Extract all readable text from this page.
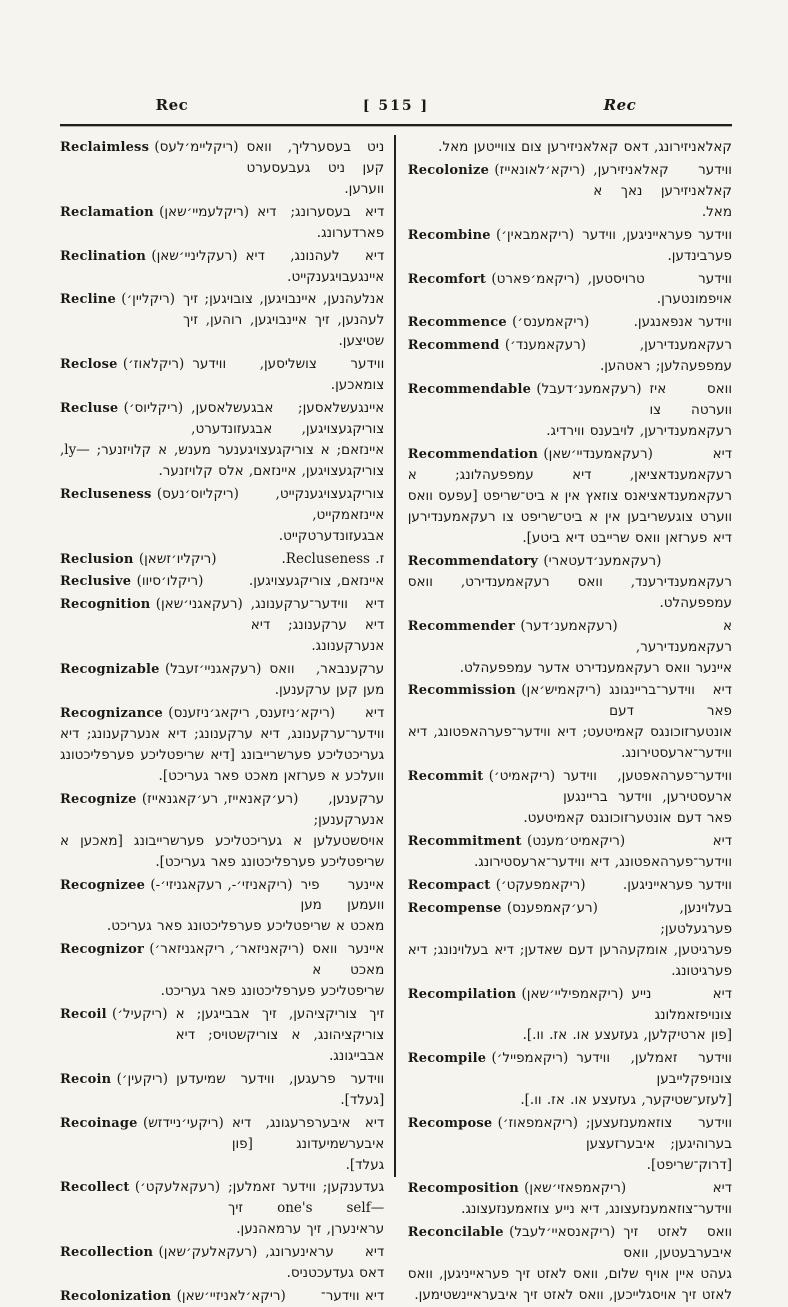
Rec	[ 515 ]	Rec
Reclaimless (ריקליימ׳לעס) ניט בעסערליך, וואס קען ניט געבעסערט ווערען.
Reclamation (ריקלעמיי׳שאן) דיא בעסערונג; דיא פארדערונג.
Reclination (רעקליניי׳שאן) דיא לעהנונג, דיא איינגעבויגענקייט.
Recline (ריקליין׳) אנלעהנען, איינבויגען, צובויגען; זיך לעהנען, זיך איינבויגען, רוהען, זיך שטיצען.
Reclose (ריקלאוז׳) ווידער צושליסען, ווידער צומאכען.
Recluse (ריקליוס׳) איינגעשלאסען; אבגעשלאסען, צוריקגעצויגען, אבגעזונדערט, איינזאם; א צוריקגעצויגענער מענש, א קלויזנער; —ly, צוריקגעצויגען, איינזאם, אלס קלויזנער.
Recluseness (ריקליוס׳נעס)	צוריקגעצויגענקייט, איינזאמקייט, אבגעזונדערטקייט.
Reclusion (ריקליו׳זשאן)	ז. Recluseness.
Reclusive (ריקלו׳סיוו)	איינזאם, צוריקגעצויגען.
Recognition (רעקאגני׳שאן) דיא ווידער־ערקענונג, דיא ערקענונג; דיא אנערקענונג.
Recognizable (רעקאגניי׳זעבל) ערקענבאר, וואס מען קען ערקענען.
Recognizance (ריקא׳ניזענס, ריקאג׳ניזענס) דיא ווידער־ערקענונג, דיא ערקענונג; דיא אנערקענונג; דיא געריכטליכע פערשרייבונג [דיא שריפטליכע פערפליכטונג וועלכע א פערזאן מאכט פאר געריכט].
Recognize (רע׳קאנאייז, רע׳קאגנאייז) ערקענען, אנערקענען; אויסשטעלען א געריכטליכע פערשרייבונג [מאכען א שריפטליכע פערפליכטונג פאר געריכט].
Recognizee (ריקאניזי׳-, רעקאגניזי׳-) איינער פיר וועמען מען מאכט א שריפטליכע פערפליכטונג פאר געריכט.
Recognizor (ריקאניזאר׳, ריקאגניזאר׳) איינער וואס מאכט א שריפטליכע פערפליכטונג פאר געריכט.
Recoil (ריקעיל׳) זיך צוריקציהען, זיך אבבייגען; א צוריקציהונג, א צוריקשטויס; דיא אבבייגונג.
Recoin (ריקעין׳) ווידער פרעגען, ווידער שמיעדען [געלד].
Recoinage (ריקעי׳ניידזש) דיא איבערפרעגונג, דיא איבערשמיעדונג [פון געלד].
Recollect (רעקאלעקט׳) געדענקען; ווידער זאמלען; —one's self זיך עראינערן, זיך ערמאהנען.
Recollection (רעקאלעק׳שאן) דיא עראינערונג, דאס געדעכטניס.
Recolonization (ריקא׳לאניזיי׳שאן)	דיא ווידער־
קאלאניזירונג, דאס קאלאניזירען צום צווייטען מאל.
Recolonize (ריקא׳לאונאייז) ווידער קאלאניזירען, קאלאניזירען נאך א מאל.
Recombine (ריקאמבאין׳) ווידער פעראייניגען, ווידער פערבינדען.
Recomfort (ריקאמ׳פארט) ווידער טרויסטען, אויפמונטערן.
Recommence (ריקאמענס׳)	ווידער אנפאנגען.
Recommend (רעקאמענד׳)	רעקאמענדירען, עמפפעהלען; ראטהען.
Recommendable (רעקאמענ׳דעבל) וואס איז ווערטה צו רעקאמענדירען, לויבענס ווירדיג.
Recommendation (רעקאמענדיי׳שאן)	דיא רעקאמענדאציאן, דיא עמפפעהלונג; א רעקאמענדאציאנס צוזאץ אין א ביט־שריפט [עפעס וואס ווערט צוגעשריבען אין א ביט־שריפט צו רעקאמענדירען דיא פערזאן וואס שרייבט דיא ביטע].
Recommendatory (רעקאמענ׳דעטארי)
רעקאמענדירענד, וואס רעקאמענדירט, וואס עמפפעהלט.
Recommender (רעקאמענ׳דער)	א רעקאמענדירער, איינער וואס רעקאמענדירט אדער עמפפעהלט.
Recommission (ריקאמיש׳אן) דיא ווידער־בריינגונג פאר דעם אונטערזוכונגס קאמיטעט; דיא ווידער־פערהאפטונג, דיא ווידער־ארעסטירונג.
Recommit (ריקאמיט׳) ווידער־פערהאפטען, ווידער ארעסטירען, ווידער בריינגען פאר דעם אונטערזוכונגס קאמיטעט.
Recommitment (ריקאמיט׳מענט)	דיא ווידער־פערהאפטונג, דיא ווידער־ארעסטירונג.
Recompact (ריקאמפעקט׳)	ווידער פעראייניגען.
Recompense (רע׳קאמפענס)	בעלוינען, פערגעלטען; פערגיטען, אומקעהרען דעם שאדען; דיא בעלוינונג; דיא פערגיטונג.
Recompilation (ריקאמפיליי׳שאן) דיא נייע צונויפזאמלונג [פון ארטיקלען, געזעצע או. אז. וו.].
Recompile (ריקאמפייל׳) ווידער זאמלען, ווידער צונויפקלייבען [לעזע־שטיקער, געזעצע או. אז. וו.].
Recompose (ריקאמפאוז׳) ווידער צוזאמענזעצען; בערוהיגען; איבערזעצען [דרוק־שריפט].
Recomposition (ריקאמפאזי׳שאן)	דיא ווידער־צוזאמענזעצונג, דיא נייע צוזאמענזעצונג.
Reconcilable (ריקאנסאיי׳לעבל) וואס לאזט זיך איבערבעטען, וואס געהט איין אויף שלום, וואס לאזט זיך פעראייניגען, וואס לאזט זיך אויסגלייכען, וואס לאזט זיך איבעראיינשטימען.
